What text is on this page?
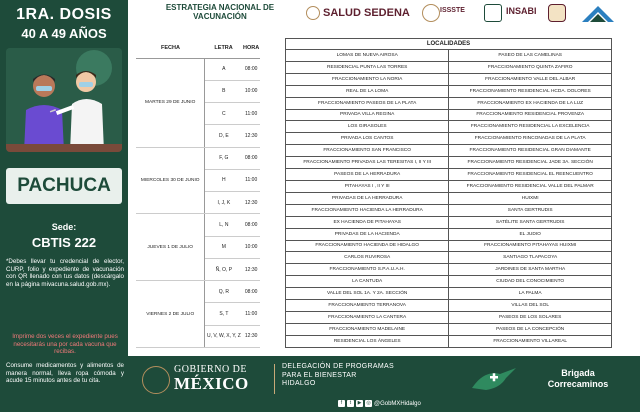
1RA. DOSIS
40 A 49 AÑOS
PACHUCA
Sede:
CBTIS 222
*Debes llevar tu credencial de elector, CURP, folio y expediente de vacunación con QR llenado con tus datos (descárgalo en la página mivacuna.salud.gob.mx).
Imprime dos veces el expediente pues necesitarás una por cada vacuna que recibas.
Consume medicamentos y alimentos de manera normal, lleva ropa cómoda y acude 15 minutos antes de tu cita.
ESTRATEGIA NACIONAL DE VACUNACIÓN	SALUD SEDENA	ISSSTE	INSABI
FECHA	LETRA	HORA
MARTES 29 DE JUNIO	A	08:00
	B	10:00
	C	11:00
	D, E	12:30
MIERCOLES 30 DE JUNIO	F, G	08:00
	H	11:00
	I, J, K	12:30
JUEVES 1 DE JULIO	L, N	08:00
	M	10:00
	Ñ, O, P	12:30
VIERNES 2 DE JULIO	Q, R	08:00
	S, T	11:00
	U, V, W, X, Y, Z	12:30
LOCALIDADES	
LOMAS DE NUEVA AIROSA	PASEO DE LAS CAMELINAS
RESIDENCIAL PUNTA LAS TORRES	FRACCIONAMIENTO QUINTA ZAFIRO
FRACCIONAMIENTO LA NORIA	FRACCIONAMIENTO VALLE DEL ALBAR
REAL DE LA LOMA	FRACCIONAMIENTO RESIDENCIAL HCDA. DOLORES
FRACCIONAMIENTO PASEOS DE LA PLATA	FRACCIONAMIENTO EX HACIENDA DE LA LUZ
PRIVADA VILLA REGINA	FRACCIONAMIENTO RESIDENCIAL PROVENZA
LOS GIRASOLES	FRACCIONAMIENTO RESIDENCIAL LA EXCELENCIA
PRIVADA LOS CANTOS	FRACCIONAMIENTO RINCONADAS DE LA PLATA
FRACCIONAMIENTO SAN FRANCISCO	FRACCIONAMIENTO RESIDENCIAL GRAN DIAMANTE
FRACCIONAMIENTO PRIVADAS LAS TERESITAS I, II Y III	FRACCIONAMIENTO RESIDENCIAL JADE 3A. SECCIÓN
PASEOS DE LA HERRADURA	FRACCIONAMIENTO RESIDENCIAL EL REENCUENTRO
PITAHAYAS I , II Y III	FRACCIONAMIENTO RESIDENCIAL VALLE DEL PALMAR
PRIVADAS DE LA HERRADURA	HUIXMI
FRACCIONAMIENTO HACIENDA LA HERRADURA	SANTA GERTRUDIS
EX HACIENDA DE PITAHAYAS	SATÉLITE SANTA GERTRUDIS
PRIVADAS DE LA HACIENDA	EL JUDIO
FRACCIONAMIENTO HACIENDA DE HIDALGO	FRACCIONAMIENTO PITAHAYAS HUIXMI
CARLOS RUVIROSA	SANTIAGO TLAPACOYA
FRACCIONAMIENTO S.P.A.U.A.H.	JARDINES DE SANTA MARTHA
LA CANTUDA	CIUDAD DEL CONOCIMIENTO
VALLE DEL SOL 1A. Y 2A. SECCIÓN	LA PALMA
FRACCIONAMIENTO TERRANOVA	VILLAS DEL SOL
FRACCIONAMIENTO LA CANTERA	PASEOS DE LOS SOLARES
FRACCIONAMIENTO MADELAINE	PASEOS DE LA CONCEPCIÓN
RESIDENCIAL LOS ÁNGELES	FRACCIONAMIENTO VILLAREAL
GOBIERNO DE
MÉXICO
DELEGACIÓN DE PROGRAMAS
PARA EL BIENESTAR
HIDALGO
f	t	▶ ◎ @GobMXHidalgo
Brigada
Correcaminos
